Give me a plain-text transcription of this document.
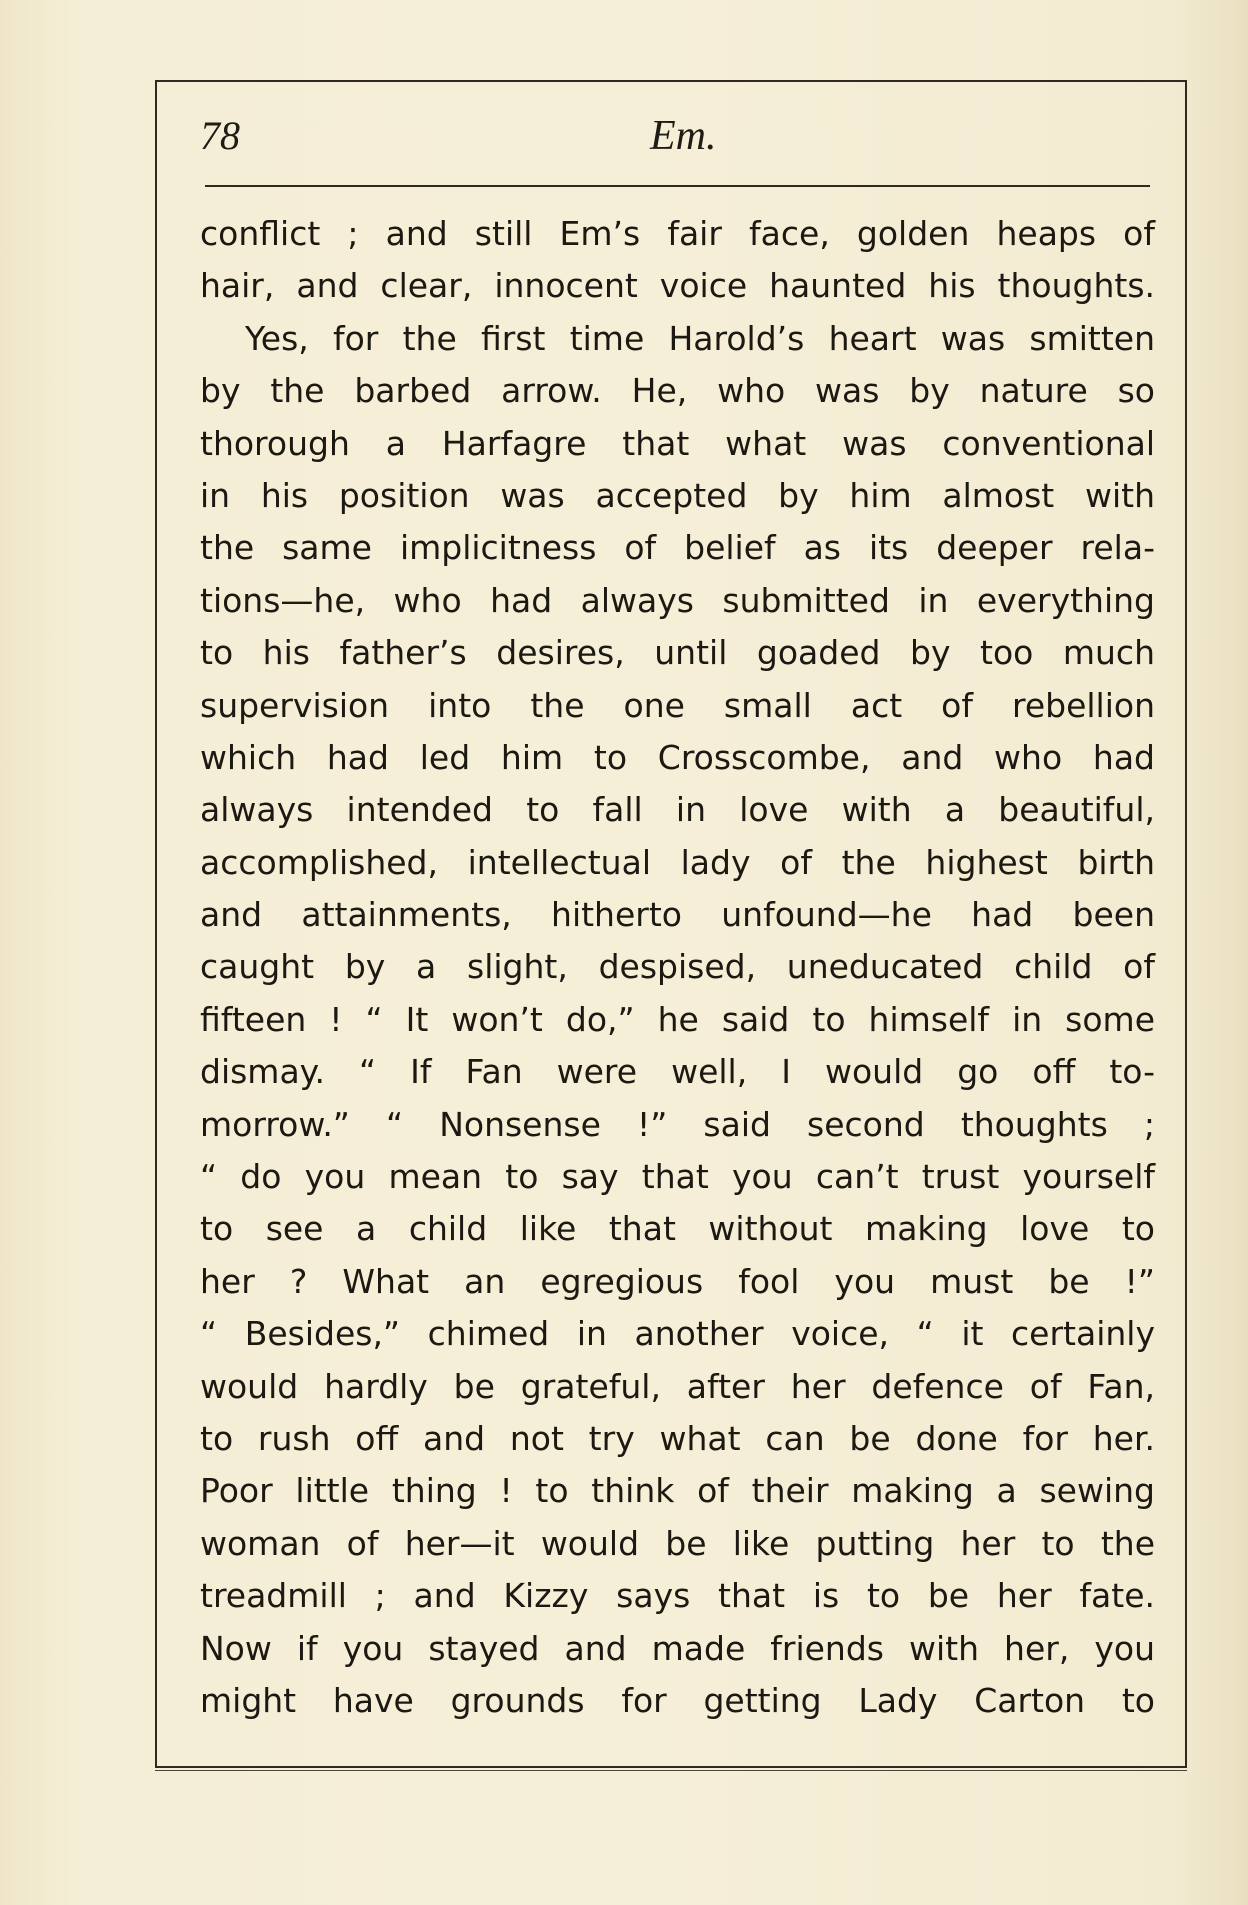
78	Em.
conflict ; and still Em’s fair face, golden heaps of
hair, and clear, innocent voice haunted his thoughts.
Yes, for the first time Harold’s heart was smitten
by the barbed arrow. He, who was by nature so
thorough a Harfagre that what was conventional
in his position was accepted by him almost with
the same implicitness of belief as its deeper rela-
tions—he, who had always submitted in everything
to his father’s desires, until goaded by too much
supervision into the one small act of rebellion
which had led him to Crosscombe, and who had
always intended to fall in love with a beautiful,
accomplished, intellectual lady of the highest birth
and attainments, hitherto unfound—he had been
caught by a slight, despised, uneducated child of
fifteen ! “ It won’t do,” he said to himself in some
dismay. “ If Fan were well, I would go off to-
morrow.” “ Nonsense !” said second thoughts ;
“ do you mean to say that you can’t trust yourself
to see a child like that without making love to
her ? What an egregious fool you must be !”
“ Besides,” chimed in another voice, “ it certainly
would hardly be grateful, after her defence of Fan,
to rush off and not try what can be done for her.
Poor little thing ! to think of their making a sewing
woman of her—it would be like putting her to the
treadmill ; and Kizzy says that is to be her fate.
Now if you stayed and made friends with her, you
might have grounds for getting Lady Carton to
